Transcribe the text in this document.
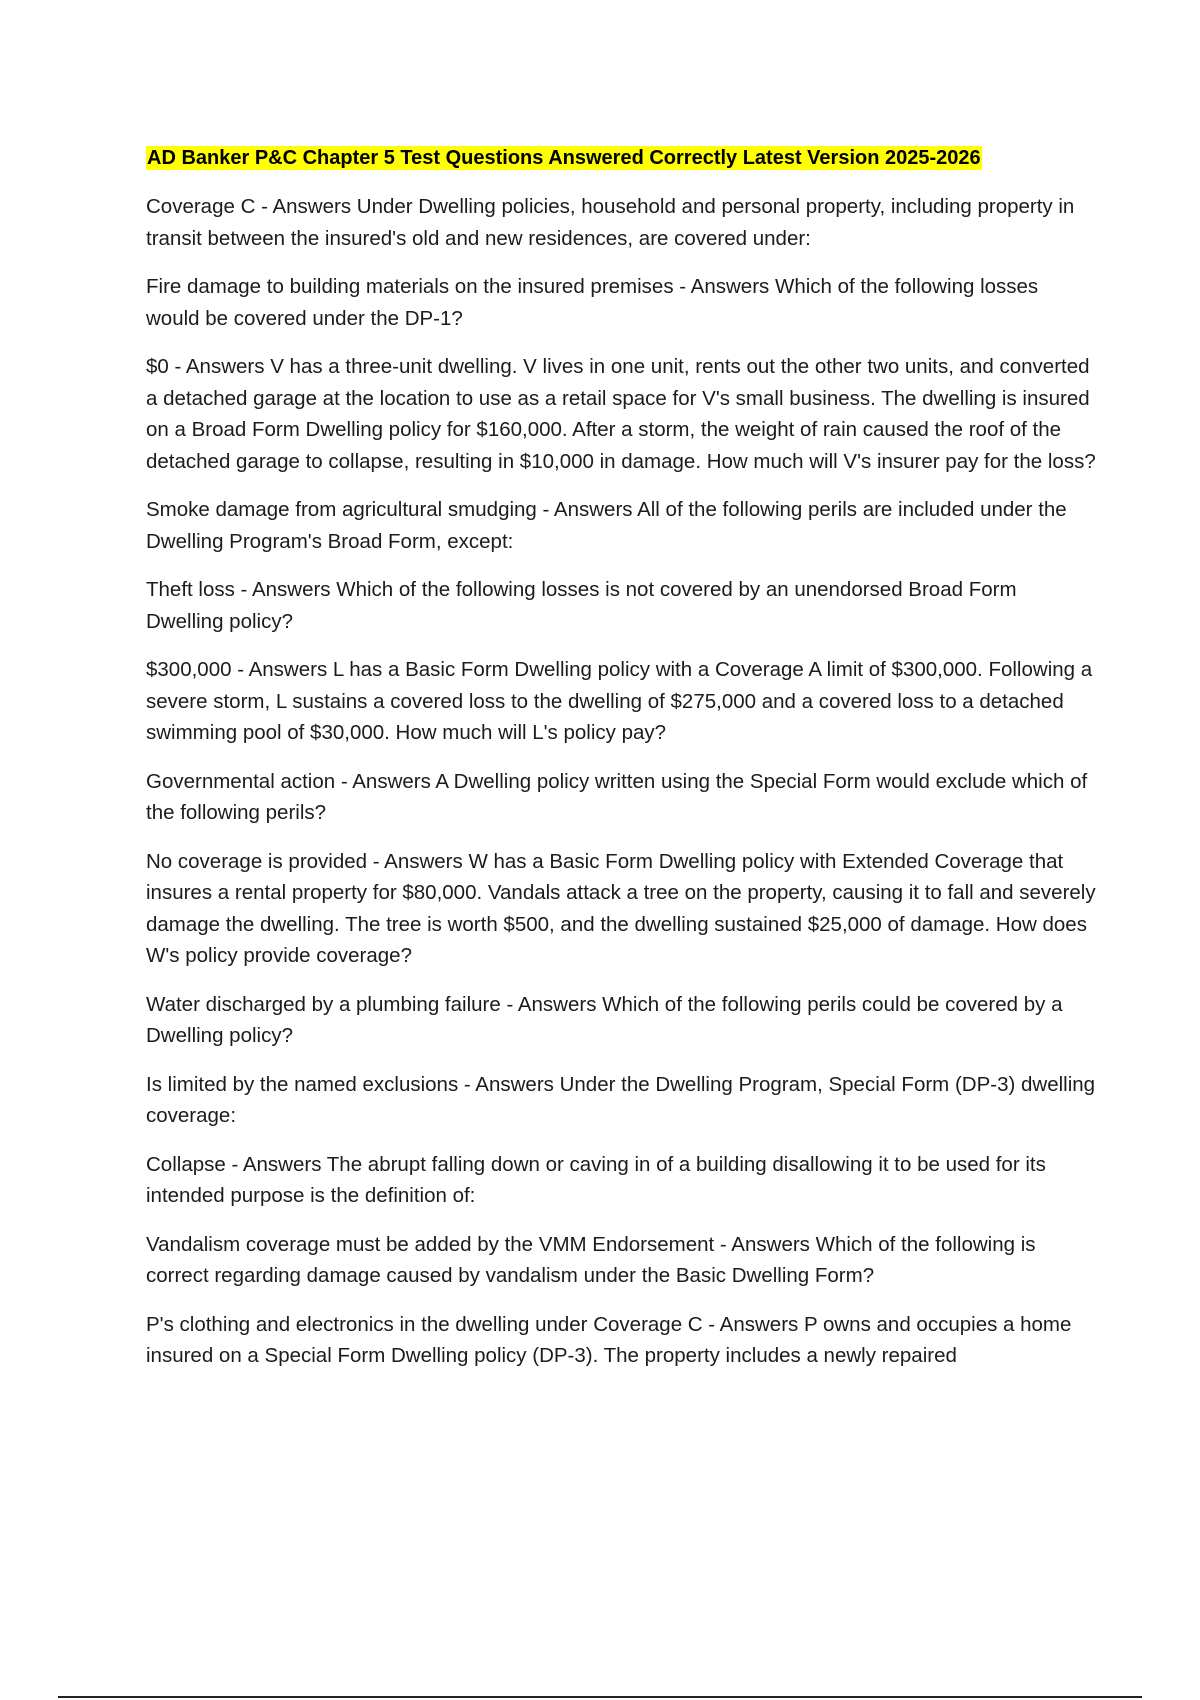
AD Banker P&C Chapter 5 Test Questions Answered Correctly Latest Version 2025-2026

Coverage C - Answers Under Dwelling policies, household and personal property, including property in transit between the insured's old and new residences, are covered under:

Fire damage to building materials on the insured premises - Answers Which of the following losses would be covered under the DP-1?

$0 - Answers V has a three-unit dwelling. V lives in one unit, rents out the other two units, and converted a detached garage at the location to use as a retail space for V's small business. The dwelling is insured on a Broad Form Dwelling policy for $160,000. After a storm, the weight of rain caused the roof of the detached garage to collapse, resulting in $10,000 in damage. How much will V's insurer pay for the loss?

Smoke damage from agricultural smudging - Answers All of the following perils are included under the Dwelling Program's Broad Form, except:

Theft loss - Answers Which of the following losses is not covered by an unendorsed Broad Form Dwelling policy?

$300,000 - Answers L has a Basic Form Dwelling policy with a Coverage A limit of $300,000. Following a severe storm, L sustains a covered loss to the dwelling of $275,000 and a covered loss to a detached swimming pool of $30,000. How much will L's policy pay?

Governmental action - Answers A Dwelling policy written using the Special Form would exclude which of the following perils?

No coverage is provided - Answers W has a Basic Form Dwelling policy with Extended Coverage that insures a rental property for $80,000. Vandals attack a tree on the property, causing it to fall and severely damage the dwelling. The tree is worth $500, and the dwelling sustained $25,000 of damage. How does W's policy provide coverage?

Water discharged by a plumbing failure - Answers Which of the following perils could be covered by a Dwelling policy?

Is limited by the named exclusions - Answers Under the Dwelling Program, Special Form (DP-3) dwelling coverage:

Collapse - Answers The abrupt falling down or caving in of a building disallowing it to be used for its intended purpose is the definition of:

Vandalism coverage must be added by the VMM Endorsement - Answers Which of the following is correct regarding damage caused by vandalism under the Basic Dwelling Form?

P's clothing and electronics in the dwelling under Coverage C - Answers P owns and occupies a home insured on a Special Form Dwelling policy (DP-3). The property includes a newly repaired
